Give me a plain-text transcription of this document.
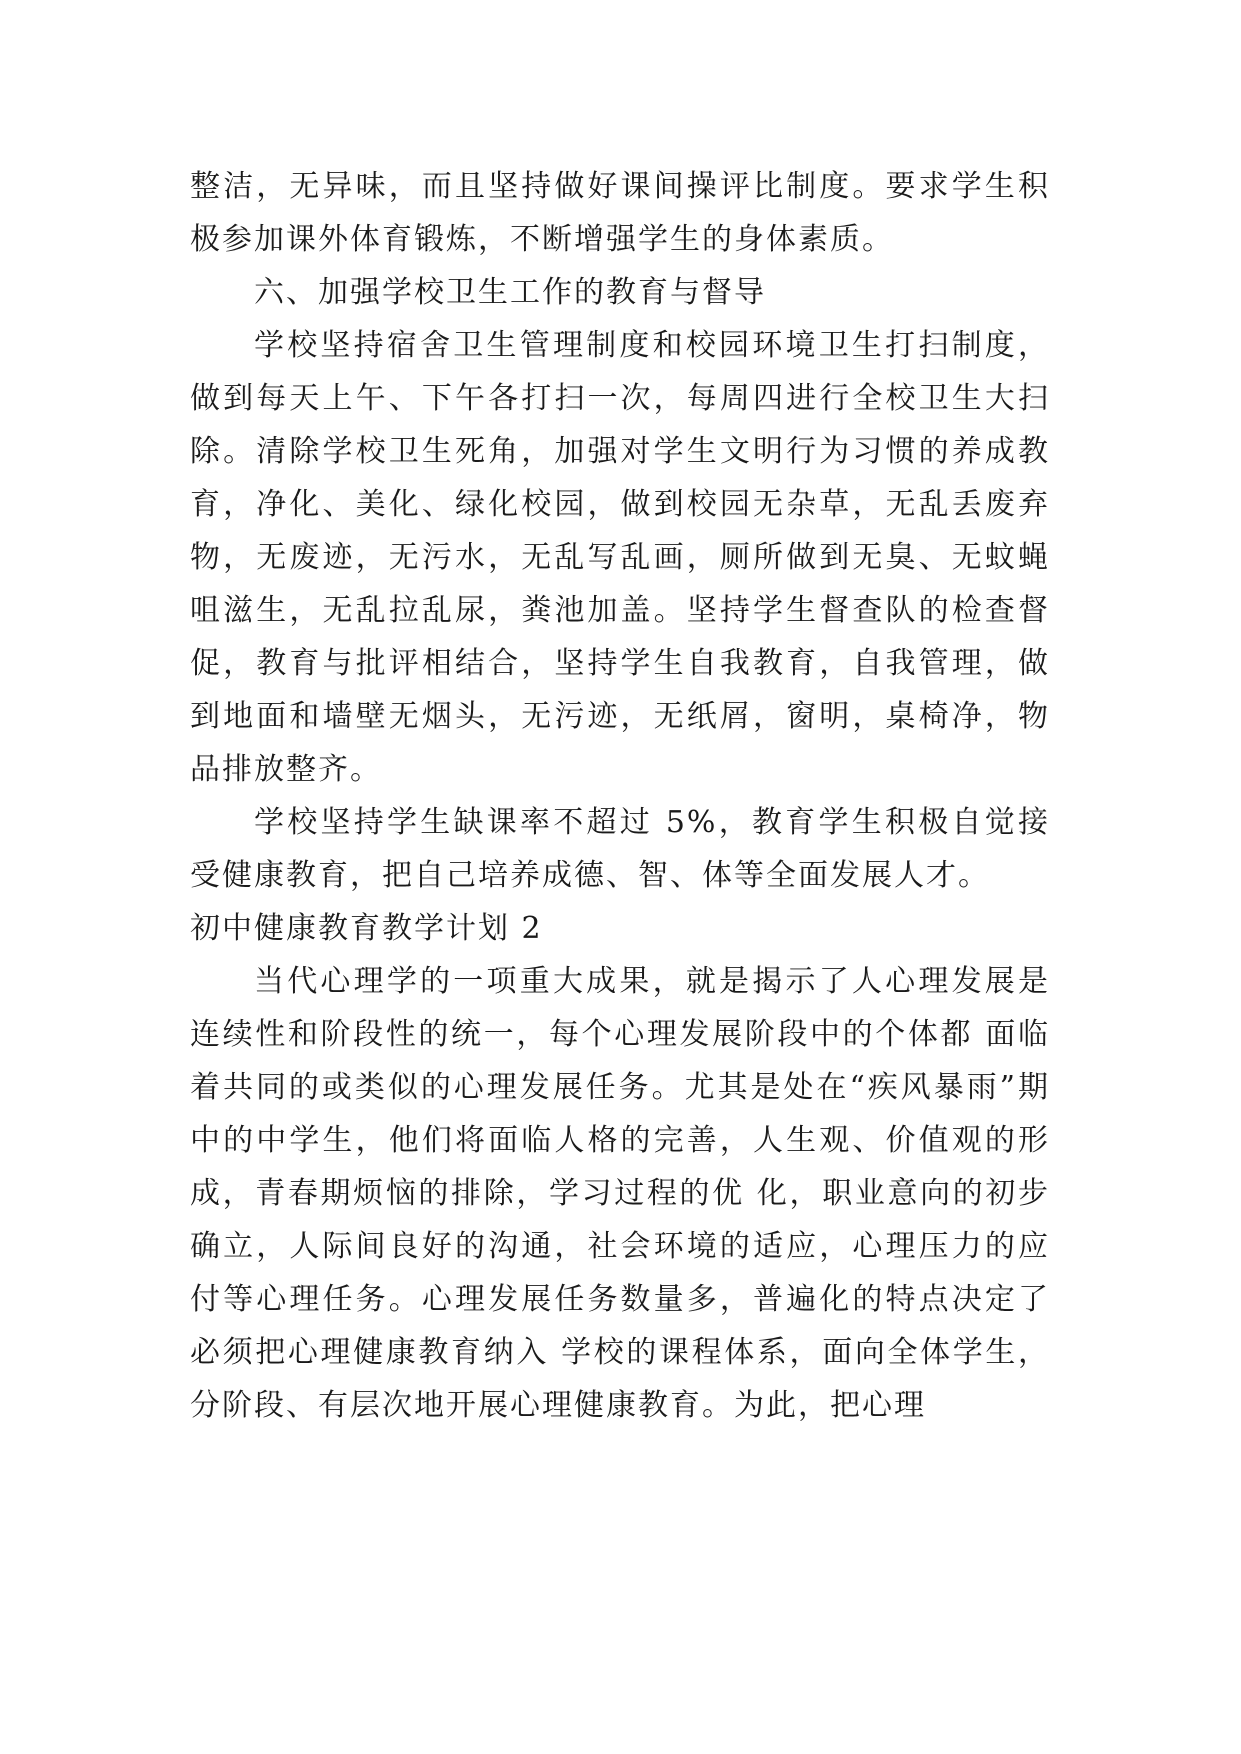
整洁，无异味，而且坚持做好课间操评比制度。要求学生积极参加课外体育锻炼，不断增强学生的身体素质。

六、加强学校卫生工作的教育与督导

学校坚持宿舍卫生管理制度和校园环境卫生打扫制度，做到每天上午、下午各打扫一次，每周四进行全校卫生大扫除。清除学校卫生死角，加强对学生文明行为习惯的养成教育，净化、美化、绿化校园，做到校园无杂草，无乱丢废弃物，无废迹，无污水，无乱写乱画，厕所做到无臭、无蚊蝇咀滋生，无乱拉乱尿，粪池加盖。坚持学生督查队的检查督促，教育与批评相结合，坚持学生自我教育，自我管理，做到地面和墙壁无烟头，无污迹，无纸屑，窗明，桌椅净，物品排放整齐。

学校坚持学生缺课率不超过 5%，教育学生积极自觉接受健康教育，把自己培养成德、智、体等全面发展人才。

初中健康教育教学计划 2

当代心理学的一项重大成果，就是揭示了人心理发展是连续性和阶段性的统一，每个心理发展阶段中的个体都 面临着共同的或类似的心理发展任务。尤其是处在“疾风暴雨”期中的中学生，他们将面临人格的完善，人生观、价值观的形成，青春期烦恼的排除，学习过程的优 化，职业意向的初步确立，人际间良好的沟通，社会环境的适应，心理压力的应付等心理任务。心理发展任务数量多，普遍化的特点决定了必须把心理健康教育纳入 学校的课程体系，面向全体学生，分阶段、有层次地开展心理健康教育。为此，把心理
